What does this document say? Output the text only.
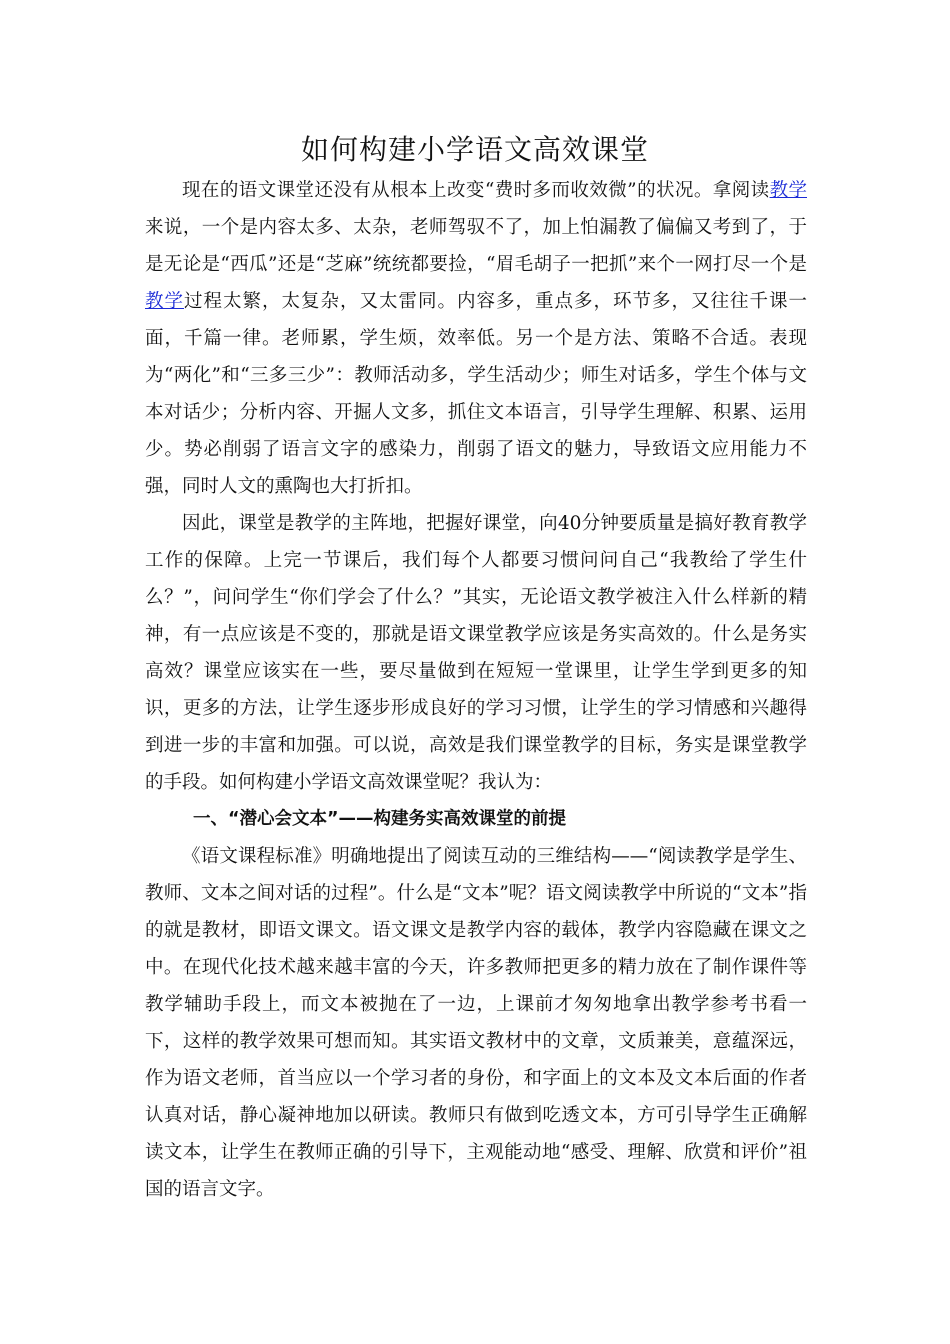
如何构建小学语文高效课堂

现在的语文课堂还没有从根本上改变“费时多而收效微”的状况。拿阅读教学来说，一个是内容太多、太杂，老师驾驭不了，加上怕漏教了偏偏又考到了，于是无论是“西瓜”还是“芝麻”统统都要捡，“眉毛胡子一把抓”来个一网打尽一个是教学过程太繁，太复杂，又太雷同。内容多，重点多，环节多，又往往千课一面，千篇一律。老师累，学生烦，效率低。另一个是方法、策略不合适。表现为“两化”和“三多三少”：教师活动多，学生活动少；师生对话多，学生个体与文本对话少；分析内容、开掘人文多，抓住文本语言，引导学生理解、积累、运用少。势必削弱了语言文字的感染力，削弱了语文的魅力，导致语文应用能力不强，同时人文的熏陶也大打折扣。

因此，课堂是教学的主阵地，把握好课堂，向40分钟要质量是搞好教育教学工作的保障。上完一节课后，我们每个人都要习惯问问自己“我教给了学生什么？”，问问学生“你们学会了什么？”其实，无论语文教学被注入什么样新的精神，有一点应该是不变的，那就是语文课堂教学应该是务实高效的。什么是务实高效？课堂应该实在一些，要尽量做到在短短一堂课里，让学生学到更多的知识，更多的方法，让学生逐步形成良好的学习习惯，让学生的学习情感和兴趣得到进一步的丰富和加强。可以说，高效是我们课堂教学的目标，务实是课堂教学的手段。如何构建小学语文高效课堂呢？我认为：

一、“潜心会文本”——构建务实高效课堂的前提

《语文课程标准》明确地提出了阅读互动的三维结构——“阅读教学是学生、教师、文本之间对话的过程”。什么是“文本”呢？语文阅读教学中所说的“文本”指的就是教材，即语文课文。语文课文是教学内容的载体，教学内容隐藏在课文之中。在现代化技术越来越丰富的今天，许多教师把更多的精力放在了制作课件等教学辅助手段上，而文本被抛在了一边，上课前才匆匆地拿出教学参考书看一下，这样的教学效果可想而知。其实语文教材中的文章，文质兼美，意蕴深远，作为语文老师，首当应以一个学习者的身份，和字面上的文本及文本后面的作者认真对话，静心凝神地加以研读。教师只有做到吃透文本，方可引导学生正确解读文本，让学生在教师正确的引导下，主观能动地“感受、理解、欣赏和评价”祖国的语言文字。
